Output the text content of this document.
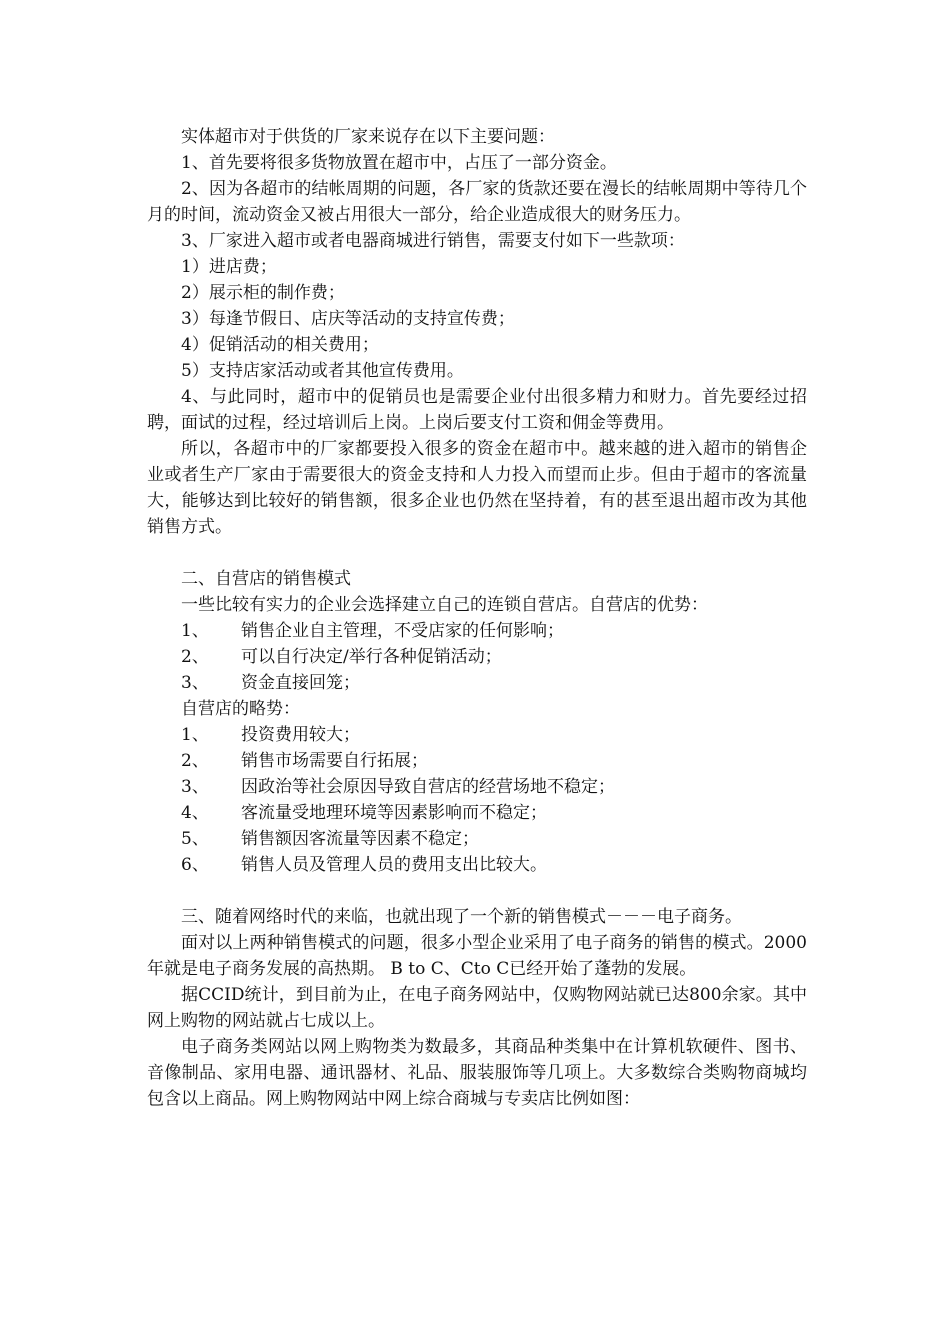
实体超市对于供货的厂家来说存在以下主要问题：

1、首先要将很多货物放置在超市中，占压了一部分资金。

2、因为各超市的结帐周期的问题，各厂家的货款还要在漫长的结帐周期中等待几个月的时间，流动资金又被占用很大一部分，给企业造成很大的财务压力。

3、厂家进入超市或者电器商城进行销售，需要支付如下一些款项：

1）进店费；

2）展示柜的制作费；

3）每逢节假日、店庆等活动的支持宣传费；

4）促销活动的相关费用；

5）支持店家活动或者其他宣传费用。

4、与此同时，超市中的促销员也是需要企业付出很多精力和财力。首先要经过招聘，面试的过程，经过培训后上岗。上岗后要支付工资和佣金等费用。

所以，各超市中的厂家都要投入很多的资金在超市中。越来越的进入超市的销售企业或者生产厂家由于需要很大的资金支持和人力投入而望而止步。但由于超市的客流量大，能够达到比较好的销售额，很多企业也仍然在坚持着，有的甚至退出超市改为其他销售方式。

二、自营店的销售模式

一些比较有实力的企业会选择建立自己的连锁自营店。自营店的优势：

1、	销售企业自主管理，不受店家的任何影响；
2、	可以自行决定/举行各种促销活动；
3、	资金直接回笼；

自营店的略势：

1、	投资费用较大；
2、	销售市场需要自行拓展；
3、	因政治等社会原因导致自营店的经营场地不稳定；
4、	客流量受地理环境等因素影响而不稳定；
5、	销售额因客流量等因素不稳定；
6、	销售人员及管理人员的费用支出比较大。

三、随着网络时代的来临，也就出现了一个新的销售模式－－－电子商务。

面对以上两种销售模式的问题，很多小型企业采用了电子商务的销售的模式。2000年就是电子商务发展的高热期。 B to C、Cto C已经开始了蓬勃的发展。

据CCID统计，到目前为止，在电子商务网站中，仅购物网站就已达800余家。其中网上购物的网站就占七成以上。

电子商务类网站以网上购物类为数最多，其商品种类集中在计算机软硬件、图书、音像制品、家用电器、通讯器材、礼品、服装服饰等几项上。大多数综合类购物商城均包含以上商品。网上购物网站中网上综合商城与专卖店比例如图：
